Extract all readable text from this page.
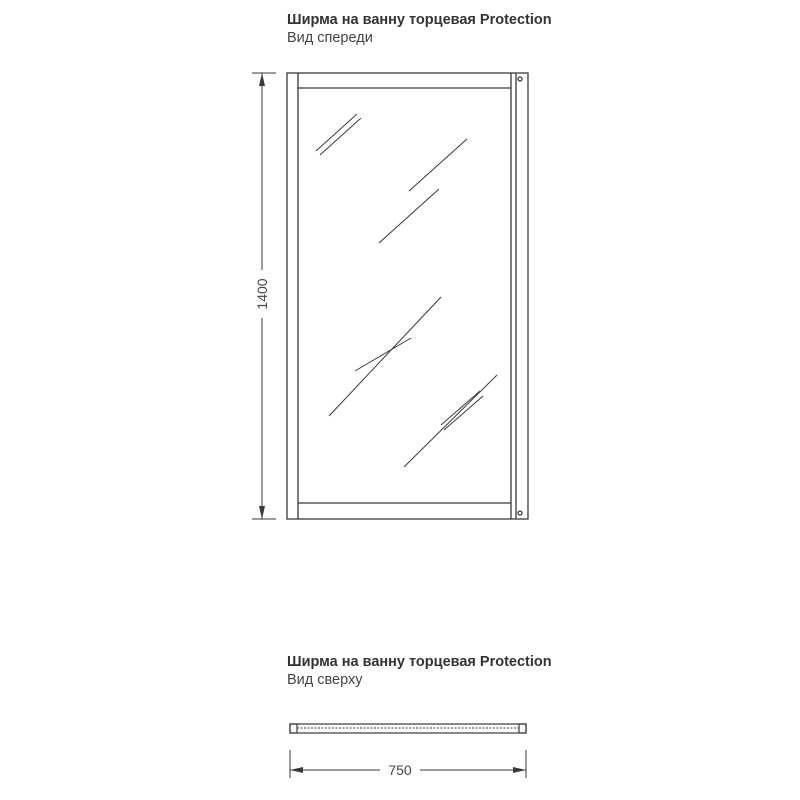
Ширма на ванну торцевая Protection
Вид спереди
Ширма на ванну торцевая Protection
Вид сверху
1400
750
